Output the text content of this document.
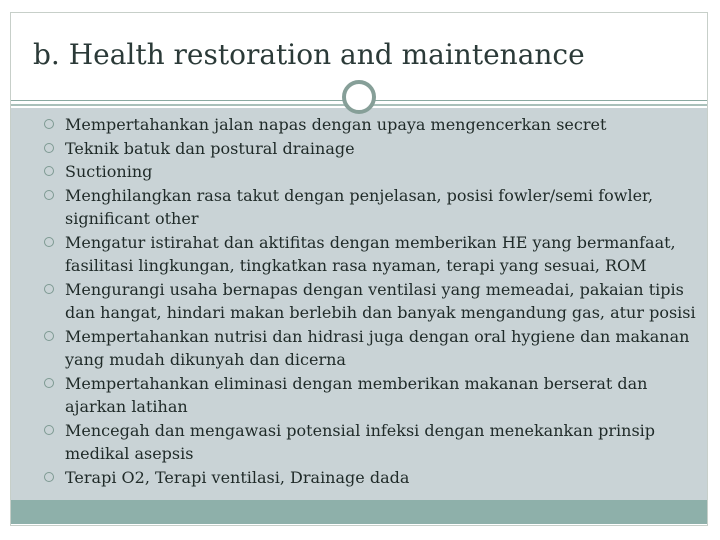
b. Health restoration and maintenance
Mempertahankan jalan napas dengan upaya mengencerkan secret
Teknik batuk dan postural drainage
Suctioning
Menghilangkan rasa takut dengan penjelasan, posisi fowler/semi fowler, significant other
Mengatur istirahat dan aktifitas dengan memberikan HE yang bermanfaat, fasilitasi lingkungan, tingkatkan rasa nyaman, terapi yang sesuai, ROM
Mengurangi usaha bernapas dengan ventilasi yang memeadai, pakaian tipis dan hangat, hindari makan berlebih dan banyak mengandung gas, atur posisi
Mempertahankan nutrisi dan hidrasi juga dengan oral hygiene dan makanan yang mudah dikunyah dan dicerna
Mempertahankan eliminasi dengan memberikan makanan berserat dan ajarkan latihan
Mencegah dan mengawasi potensial infeksi dengan menekankan prinsip medikal asepsis
Terapi O2, Terapi ventilasi, Drainage dada
